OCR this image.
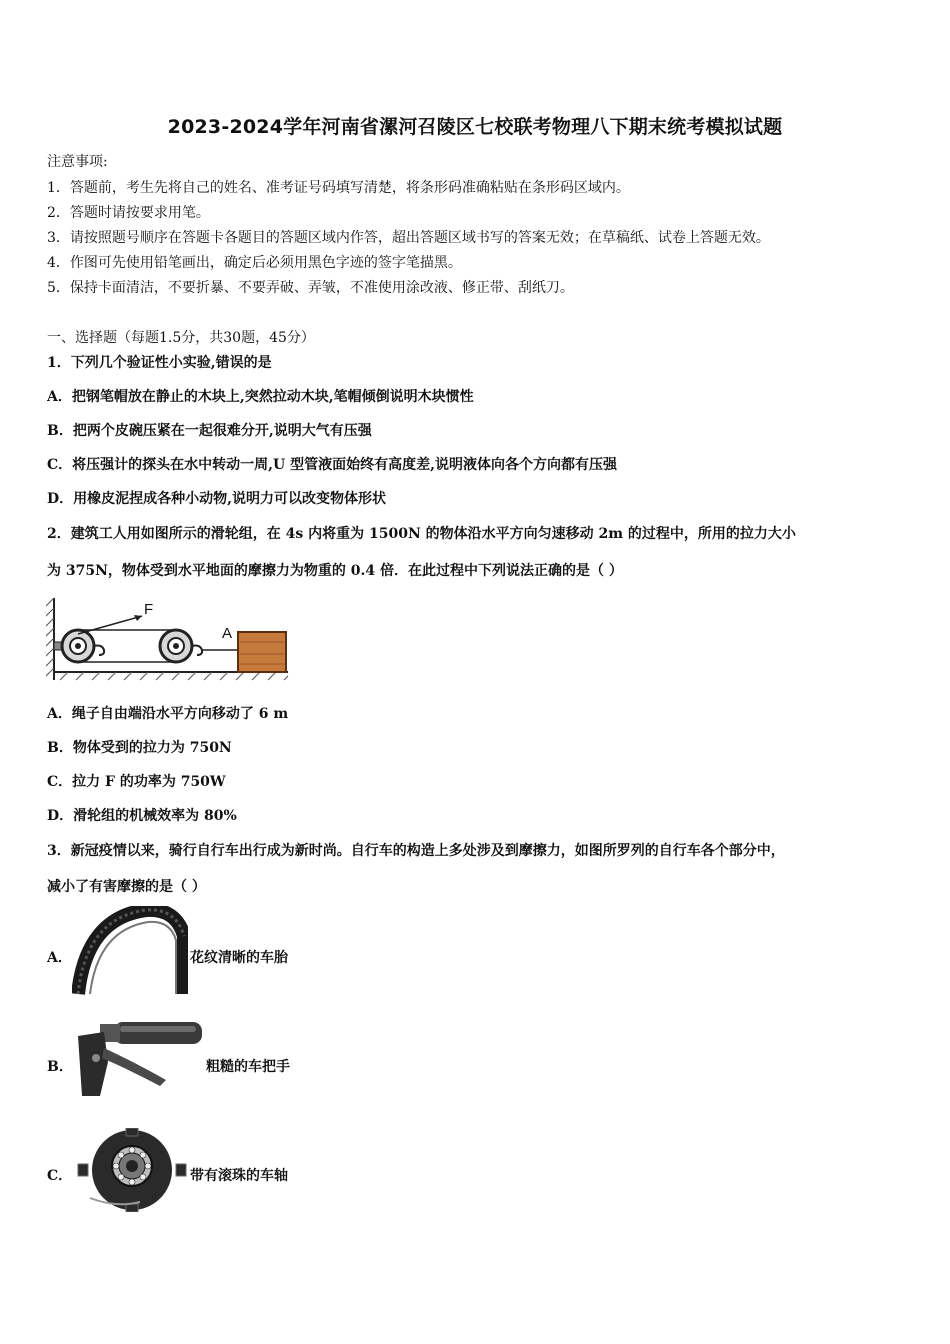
2023-2024学年河南省漯河召陵区七校联考物理八下期末统考模拟试题
注意事项:
1．答题前，考生先将自己的姓名、准考证号码填写清楚，将条形码准确粘贴在条形码区域内。
2．答题时请按要求用笔。
3．请按照题号顺序在答题卡各题目的答题区域内作答，超出答题区域书写的答案无效；在草稿纸、试卷上答题无效。
4．作图可先使用铅笔画出，确定后必须用黑色字迹的签字笔描黑。
5．保持卡面清洁，不要折暴、不要弄破、弄皱，不准使用涂改液、修正带、刮纸刀。
一、选择题（每题1.5分，共30题，45分）
1．下列几个验证性小实验,错误的是
A．把钢笔帽放在静止的木块上,突然拉动木块,笔帽倾倒说明木块惯性
B．把两个皮碗压紧在一起很难分开,说明大气有压强
C．将压强计的探头在水中转动一周,U 型管液面始终有高度差,说明液体向各个方向都有压强
D．用橡皮泥捏成各种小动物,说明力可以改变物体形状
2．建筑工人用如图所示的滑轮组，在 4s 内将重为 1500N 的物体沿水平方向匀速移动 2m 的过程中，所用的拉力大小
为 375N，物体受到水平地面的摩擦力为物重的 0.4 倍．在此过程中下列说法正确的是（ ）
F
A
A．绳子自由端沿水平方向移动了 6 m
B．物体受到的拉力为 750N
C．拉力 F 的功率为 750W
D．滑轮组的机械效率为 80%
3．新冠疫情以来，骑行自行车出行成为新时尚。自行车的构造上多处涉及到摩擦力，如图所罗列的自行车各个部分中，
减小了有害摩擦的是（ ）
A．	花纹清晰的车胎
B．	粗糙的车把手
C．	带有滚珠的车轴
